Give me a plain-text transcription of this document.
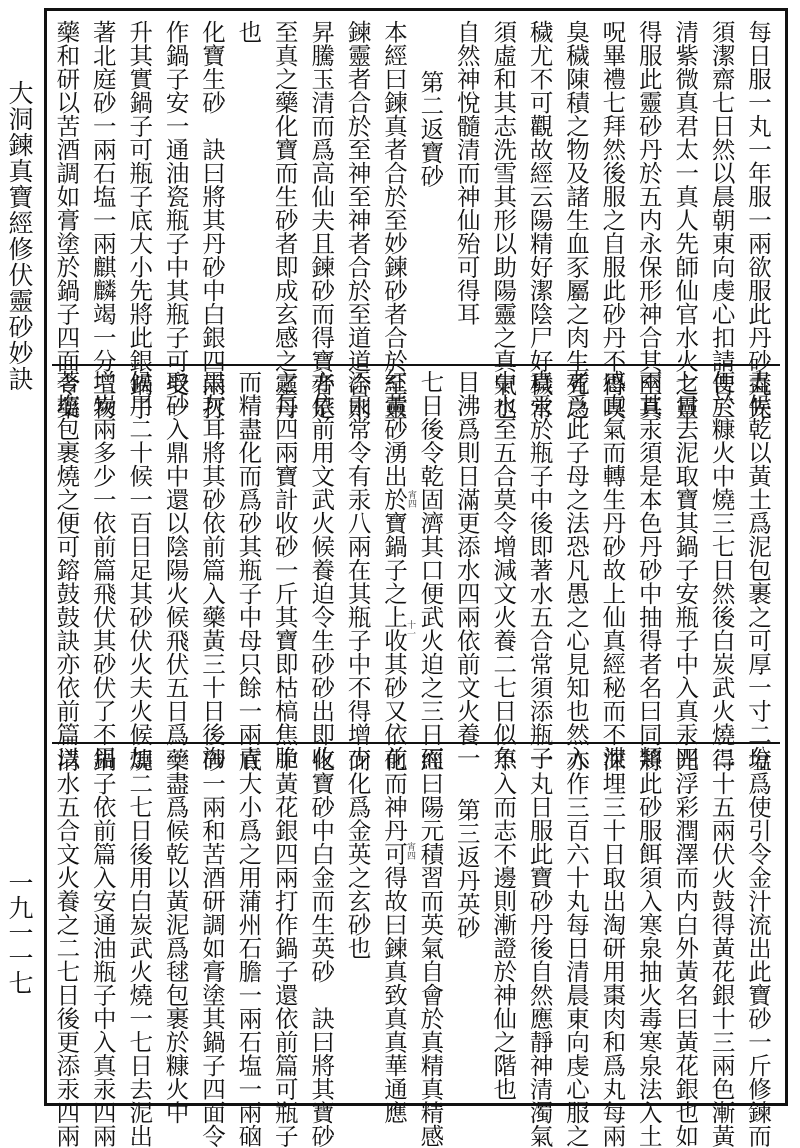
大洞鍊真寶經修伏靈砂妙訣
一九一一七
每日服一丸一年服一兩欲服此丹砂丸先
須潔齋七日然以晨朝東向虔心扣請告三
清紫微真君太一真人先師仙官水火之靈
得服此靈砂丹於五内永保形神合其至真
呪畢禮七拜然後服之自服此砂丹不得喫
臭穢陳積之物及諸生血豕屬之肉生死之
穢尤不可觀故經云陽精好潔陰尸好穢常
須虛和其志洗雪其形以助陽靈之真氣也
自然神悅髓清而神仙殆可得耳
第二返寶砂
本經曰鍊真者合於至妙鍊砂者合於至靈
鍊靈者合於至神至神者合於至道道合則
昇騰玉清而爲高仙夫且鍊砂而得寶者是
至真之藥化寶而生砂者即成玄感之靈丹
也
化寶生砂　訣曰將其丹砂中白銀四兩打
作鍋子安一通油瓷瓶子中其瓶子可受一
升其實鍋子可瓶子底大小先將此銀鍋子
著北庭砂一兩石塩一兩麒麟竭一分三物
藥和研以苦酒調如膏塗於鍋子四面令藥
盡候乾以黃土爲泥包裹之可厚一寸二分
便於糠火中燒三七日然後白炭武火燒二
七日去泥取寶其鍋子安瓶子中入真汞四
兩其汞須是本色丹砂中抽得者名曰同類
感真氣而轉生丹砂故上仙真經秘而不泄
者爲此子母之法恐凡愚之心見知也然入
真汞於瓶子中後即著水五合常須添瓶子
中水至五合莫令增減文火養二七日似魚
目沸爲則日滿更添水四兩依前文火養一
七日後令乾固濟其口便武火迫之三日而
紅黃砂湧出於寶鍋子之上收其砂又依前
添汞常令有汞八兩在其瓶子中不得增少
亦依前用文武火候養迫令生砂砂出即收
之每四兩寶計收砂一斤其寶即枯槁焦脆
而精盡化而爲砂其瓶子中母只餘一兩青
黑灰耳將其砂依前篇入藥黃三十日後淘
取砂入鼎中還以陰陽火候飛伏五日爲一
候用二十候一百日足其砂伏火夫火候加
增炭兩多少一依前篇飛伏其砂伏了不用
著塩包裹燒之便可鎔鼓鼓訣亦依前篇以
塩爲使引令金汁流出此寶砂一斤修鍊而
得十五兩伏火鼓得黃花銀十三兩色漸黃
光浮彩潤澤而内白外黃名曰黃花銀也如
將此砂服餌須入寒泉抽火毒寒泉法入土
深埋三十日取出淘研用棗肉和爲丸每兩
亦作三百六十丸每日清晨東向虔心服之
一丸日服此寶砂丹後自然應靜神清濁氣
不入而志不邊則漸證於神仙之階也
第三返丹英砂
經曰陽元積習而英氣自會於真精真精感
化而神丹可得故曰鍊真致真真華通應
而化爲金英之玄砂也
化寶砂中白金而生英砂　訣曰將其寶砂
中黃花銀四兩打作鍋子還依前篇可瓶子
底大小爲之用蒲州石膽一兩石塩一兩硇
砂一兩和苦酒研調如膏塗其鍋子四面令
藥盡爲候乾以黃泥爲毬包裹於糠火中
燒二七日後用白炭武火燒一七日去泥出
鍋子依前篇入安通油瓶子中入真汞四兩
清水五合文火養之二七日後更添汞四兩
宵四
十一
宵四
